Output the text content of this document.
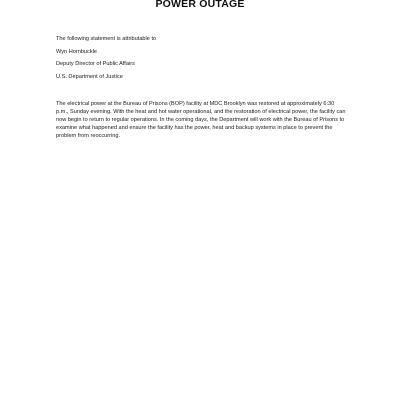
POWER OUTAGE
The following statement is attributable to
Wyn Hornbuckle
Deputy Director of Public Affairs
U.S. Department of Justice
The electrical power at the Bureau of Prisons (BOP) facility at MDC Brooklyn was restored at approximately 6:30 p.m., Sunday evening. With the heat and hot water operational, and the restoration of electrical power, the facility can now begin to return to regular operations. In the coming days, the Department will work with the Bureau of Prisons to examine what happened and ensure the facility has the power, heat and backup systems in place to prevent the problem from reoccurring.
